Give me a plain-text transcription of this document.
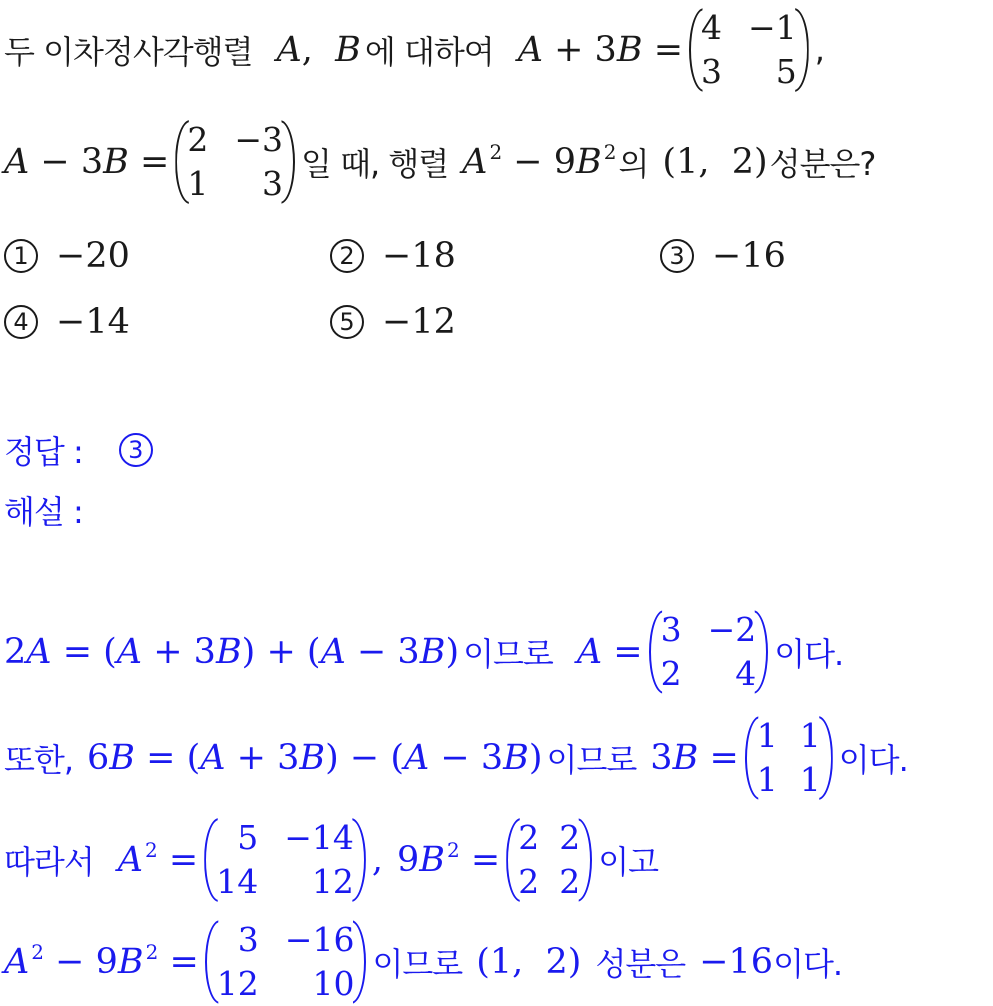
두 이차정사각행렬 A,  B 에 대하여 A + 3B =
4 −1
3	5
,
A − 3B =
2 −3
1	3 일 때, 행렬 A $^2$ − 9B $^2$ 의 (1,  2) 성분은?
1 −20	2 −18	3 −16
4 −14	5 −12
정답 :	3
해설 :
2A = (A + 3B) + (A − 3B) 이므로 A =
3 −2
2	4 이다.
또한, 6B = (A + 3B) − (A − 3B) 이므로 3B =
1 1
1 1 이다.
따라서 A $^2$ =
5 −14
14	12
, 9B $^2$ =
2 2
2 2 이고
A $^2$ − 9B $^2$ =
3 −16
12	10 이므로 (1,  2) 성분은 −16 이다.
